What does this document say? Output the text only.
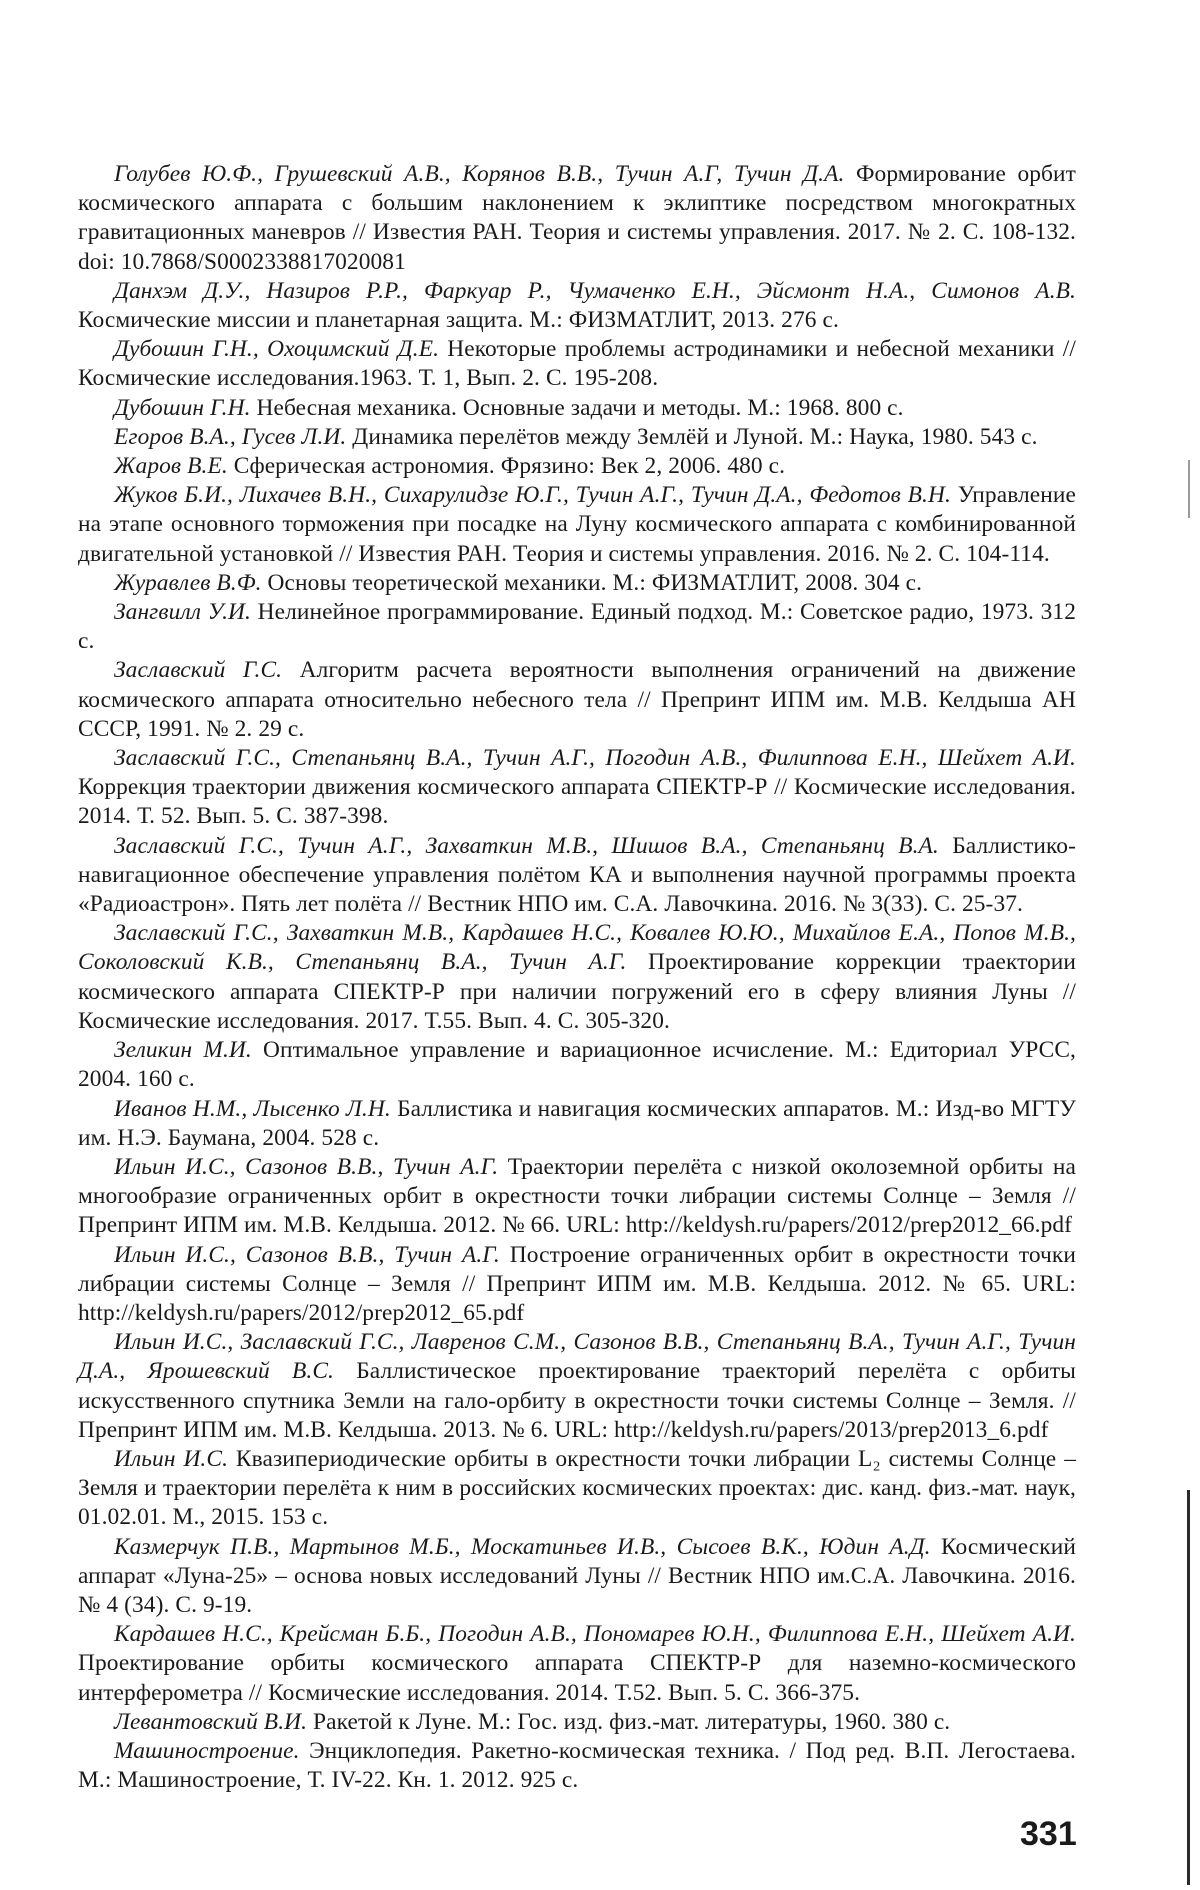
Голубев Ю.Ф., Грушевский А.В., Корянов В.В., Тучин А.Г, Тучин Д.А. Формирование орбит космического аппарата с большим наклонением к эклиптике посредством многократных гравитационных маневров // Известия РАН. Теория и системы управления. 2017. № 2. С. 108-132. doi: 10.7868/S0002338817020081

Данхэм Д.У., Назиров Р.Р., Фаркуар Р., Чумаченко Е.Н., Эйсмонт Н.А., Симонов А.В. Космические миссии и планетарная защита. М.: ФИЗМАТЛИТ, 2013. 276 с.

Дубошин Г.Н., Охоцимский Д.Е. Некоторые проблемы астродинамики и небесной механики // Космические исследования.1963. Т. 1, Вып. 2. С. 195-208.

Дубошин Г.Н. Небесная механика. Основные задачи и методы. М.: 1968. 800 с.

Егоров В.А., Гусев Л.И. Динамика перелётов между Землёй и Луной. М.: Наука, 1980. 543 с.

Жаров В.Е. Сферическая астрономия. Фрязино: Век 2, 2006. 480 с.

Жуков Б.И., Лихачев В.Н., Сихарулидзе Ю.Г., Тучин А.Г., Тучин Д.А., Федотов В.Н. Управление на этапе основного торможения при посадке на Луну космического аппарата с комбинированной двигательной установкой // Известия РАН. Теория и системы управления. 2016. № 2. С. 104-114.

Журавлев В.Ф. Основы теоретической механики. М.: ФИЗМАТЛИТ, 2008. 304 с.

Зангвилл У.И. Нелинейное программирование. Единый подход. М.: Советское радио, 1973. 312 с.

Заславский Г.С. Алгоритм расчета вероятности выполнения ограничений на движение космического аппарата относительно небесного тела // Препринт ИПМ им. М.В. Келдыша АН СССР, 1991. № 2. 29 с.

Заславский Г.С., Степаньянц В.А., Тучин А.Г., Погодин А.В., Филиппова Е.Н., Шейхет А.И. Коррекция траектории движения космического аппарата СПЕКТР-Р // Космические исследования. 2014. Т. 52. Вып. 5. С. 387-398.

Заславский Г.С., Тучин А.Г., Захваткин М.В., Шишов В.А., Степаньянц В.А. Баллистико-навигационное обеспечение управления полётом КА и выполнения научной программы проекта «Радиоастрон». Пять лет полёта // Вестник НПО им. С.А. Лавочкина. 2016. № 3(33). С. 25-37.

Заславский Г.С., Захваткин М.В., Кардашев Н.С., Ковалев Ю.Ю., Михайлов Е.А., Попов М.В., Соколовский К.В., Степаньянц В.А., Тучин А.Г. Проектирование коррекции траектории космического аппарата СПЕКТР-Р при наличии погружений его в сферу влияния Луны // Космические исследования. 2017. Т.55. Вып. 4. С. 305-320.

Зеликин М.И. Оптимальное управление и вариационное исчисление. М.: Едиториал УРСС, 2004. 160 с.

Иванов Н.М., Лысенко Л.Н. Баллистика и навигация космических аппаратов. М.: Изд-во МГТУ им. Н.Э. Баумана, 2004. 528 с.

Ильин И.С., Сазонов В.В., Тучин А.Г. Траектории перелёта с низкой околоземной орбиты на многообразие ограниченных орбит в окрестности точки либрации системы Солнце – Земля // Препринт ИПМ им. М.В. Келдыша. 2012. № 66. URL: http://keldysh.ru/papers/2012/prep2012_66.pdf

Ильин И.С., Сазонов В.В., Тучин А.Г. Построение ограниченных орбит в окрестности точки либрации системы Солнце – Земля // Препринт ИПМ им. М.В. Келдыша. 2012. № 65. URL: http://keldysh.ru/papers/2012/prep2012_65.pdf

Ильин И.С., Заславский Г.С., Лавренов С.М., Сазонов В.В., Степаньянц В.А., Тучин А.Г., Тучин Д.А., Ярошевский В.С. Баллистическое проектирование траекторий перелёта с орбиты искусственного спутника Земли на гало-орбиту в окрестности точки системы Солнце – Земля. // Препринт ИПМ им. М.В. Келдыша. 2013. № 6. URL: http://keldysh.ru/papers/2013/prep2013_6.pdf

Ильин И.С. Квазипериодические орбиты в окрестности точки либрации L₂ системы Солнце – Земля и траектории перелёта к ним в российских космических проектах: дис. канд. физ.-мат. наук, 01.02.01. М., 2015. 153 с.

Казмерчук П.В., Мартынов М.Б., Москатиньев И.В., Сысоев В.К., Юдин А.Д. Космический аппарат «Луна-25» – основа новых исследований Луны // Вестник НПО им.С.А. Лавочкина. 2016. № 4 (34). С. 9-19.

Кардашев Н.С., Крейсман Б.Б., Погодин А.В., Пономарев Ю.Н., Филиппова Е.Н., Шейхет А.И. Проектирование орбиты космического аппарата СПЕКТР-Р для наземно-космического интерферометра // Космические исследования. 2014. Т.52. Вып. 5. С. 366-375.

Левантовский В.И. Ракетой к Луне. М.: Гос. изд. физ.-мат. литературы, 1960. 380 с.

Машиностроение. Энциклопедия. Ракетно-космическая техника. / Под ред. В.П. Легостаева. М.: Машиностроение, Т. IV-22. Кн. 1. 2012. 925 с.

331
